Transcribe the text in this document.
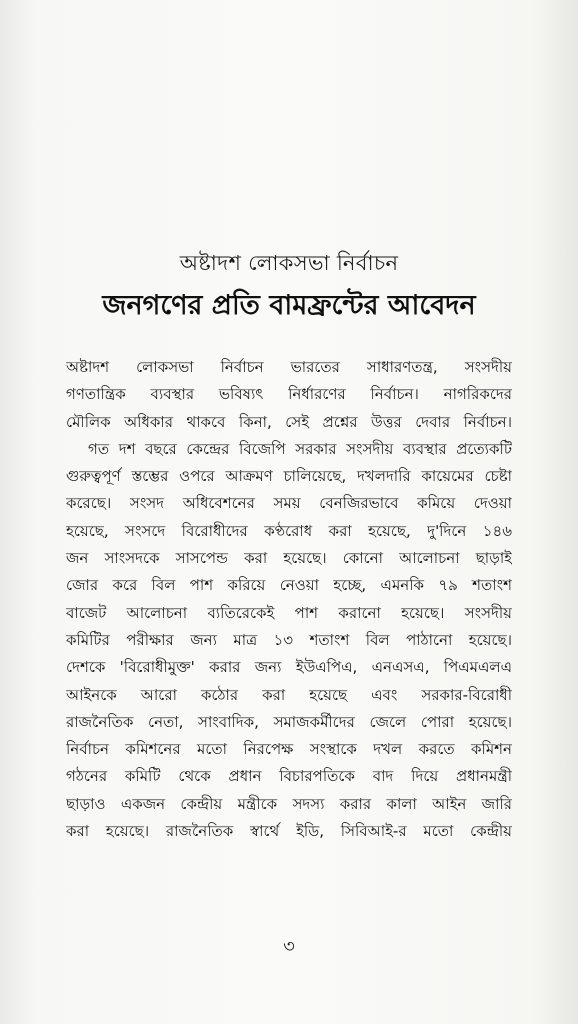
অষ্টাদশ লোকসভা নির্বাচন
জনগণের প্রতি বামফ্রন্টের আবেদন
অষ্টাদশ লোকসভা নির্বাচন ভারতের সাধারণতন্ত্র, সংসদীয়
গণতান্ত্রিক ব্যবস্থার ভবিষ্যৎ নির্ধারণের নির্বাচন। নাগরিকদের
মৌলিক অধিকার থাকবে কিনা, সেই প্রশ্নের উত্তর দেবার নির্বাচন।
গত দশ বছরে কেন্দ্রের বিজেপি সরকার সংসদীয় ব্যবস্থার প্রত্যেকটি
গুরুত্বপূর্ণ স্তম্ভের ওপরে আক্রমণ চালিয়েছে, দখলদারি কায়েমের চেষ্টা
করেছে। সংসদ অধিবেশনের সময় বেনজিরভাবে কমিয়ে দেওয়া
হয়েছে, সংসদে বিরোধীদের কণ্ঠরোধ করা হয়েছে, দু'দিনে ১৪৬
জন সাংসদকে সাসপেন্ড করা হয়েছে। কোনো আলোচনা ছাড়াই
জোর করে বিল পাশ করিয়ে নেওয়া হচ্ছে, এমনকি ৭৯ শতাংশ
বাজেট আলোচনা ব্যতিরেকেই পাশ করানো হয়েছে। সংসদীয়
কমিটির পরীক্ষার জন্য মাত্র ১৩ শতাংশ বিল পাঠানো হয়েছে।
দেশকে 'বিরোধীমুক্ত' করার জন্য ইউএপিএ, এনএসএ, পিএমএলএ
আইনকে আরো কঠোর করা হয়েছে এবং সরকার-বিরোধী
রাজনৈতিক নেতা, সাংবাদিক, সমাজকর্মীদের জেলে পোরা হয়েছে।
নির্বাচন কমিশনের মতো নিরপেক্ষ সংস্থাকে দখল করতে কমিশন
গঠনের কমিটি থেকে প্রধান বিচারপতিকে বাদ দিয়ে প্রধানমন্ত্রী
ছাড়াও একজন কেন্দ্রীয় মন্ত্রীকে সদস্য করার কালা আইন জারি
করা হয়েছে। রাজনৈতিক স্বার্থে ইডি, সিবিআই-র মতো কেন্দ্রীয়
৩
